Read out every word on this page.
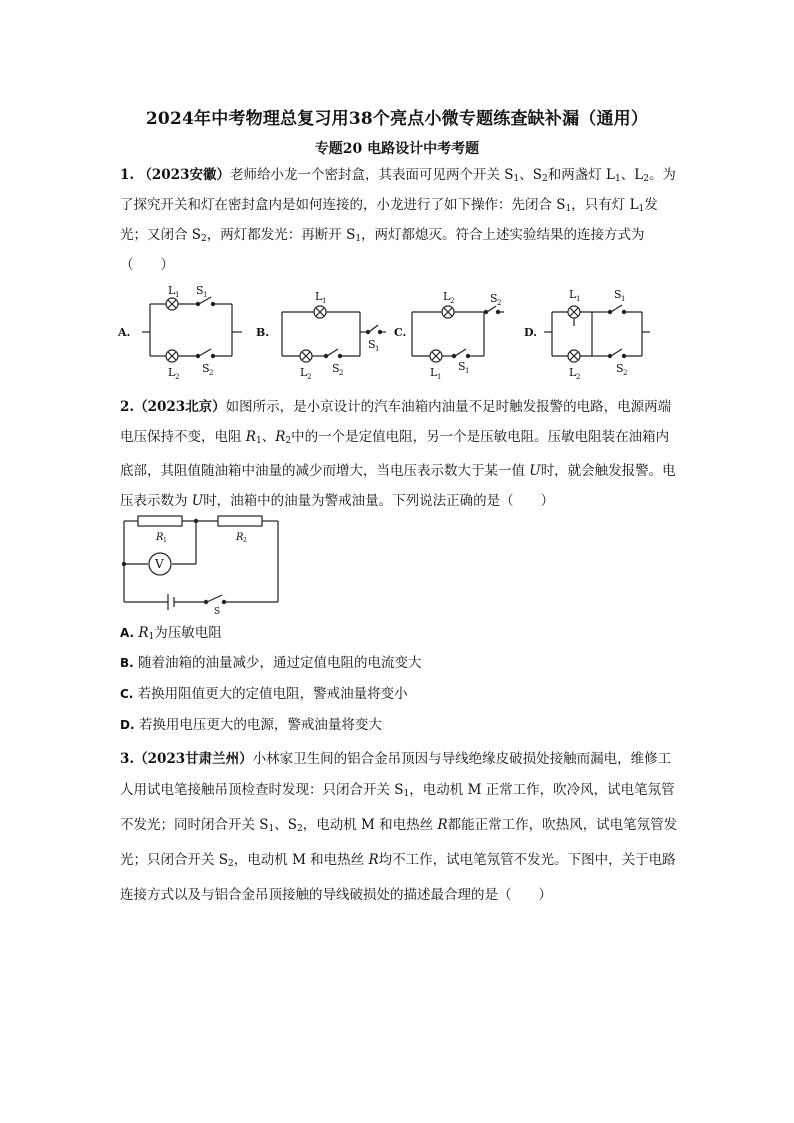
2024年中考物理总复习用38个亮点小微专题练查缺补漏（通用）
专题20 电路设计中考考题
1. （2023安徽）老师给小龙一个密封盒，其表面可见两个开关 $S_1$、$S_2$和两盏灯 $L_1$、$L_2$。为了探究开关和灯在密封盒内是如何连接的，小龙进行了如下操作：先闭合 $S_1$，只有灯 $L_1$发光；又闭合 $S_2$，两灯都发光：再断开 $S_1$，两灯都熄灭。符合上述实验结果的连接方式为（　　）
A.	B.	C.	D.
L 1 S 1
L 2
S 2
L 1
L 2
S 2
S 1
L 2	S 2
L 1
S 1
L 1	S 1
L 2
S 2
2.（2023北京）如图所示，是小京设计的汽车油箱内油量不足时触发报警的电路，电源两端电压保持不变，电阻 $R_1$、$R_2$中的一个是定值电阻，另一个是压敏电阻。压敏电阻装在油箱内底部，其阻值随油箱中油量的减少而增大，当电压表示数大于某一值 U时，就会触发报警。电压表示数为 U时，油箱中的油量为警戒油量。下列说法正确的是（　　）
R 1	R 2
V
S
A. $R_1$为压敏电阻
B. 随着油箱的油量减少，通过定值电阻的电流变大
C. 若换用阻值更大的定值电阻，警戒油量将变小
D. 若换用电压更大的电源，警戒油量将变大
3.（2023甘肃兰州）小林家卫生间的铝合金吊顶因与导线绝缘皮破损处接触而漏电，维修工人用试电笔接触吊顶检查时发现：只闭合开关 $S_1$，电动机 M 正常工作，吹冷风，试电笔氖管不发光；同时闭合开关 $S_1$、$S_2$，电动机 M 和电热丝 R都能正常工作，吹热风，试电笔氖管发光；只闭合开关 $S_2$，电动机 M 和电热丝 R均不工作，试电笔氖管不发光。下图中，关于电路连接方式以及与铝合金吊顶接触的导线破损处的描述最合理的是（　　）
